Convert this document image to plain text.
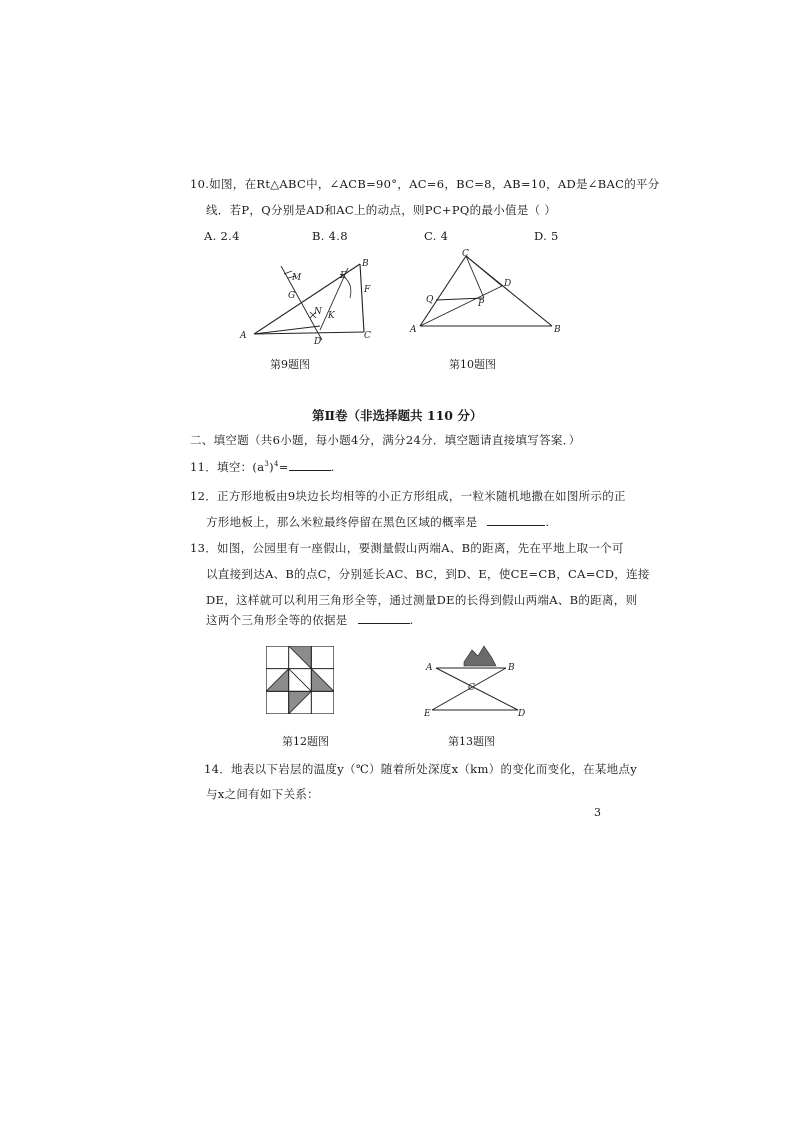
10.如图，在Rt△ABC中，∠ACB=90°，AC=6，BC=8，AB=10，AD是∠BAC的平分
线．若P，Q分别是AD和AC上的动点，则PC+PQ的最小值是（ ）
A. 2.4	B. 4.8	C. 4	D. 5
A
B
C
D
E
F
G
M
N K
第9题图
A	B
C
D
P
Q
第10题图
第Ⅱ卷（非选择题共 110 分）
二、填空题（共6小题，每小题4分，满分24分．填空题请直接填写答案．）
11．填空：$(a^3)^4=$	.
12．正方形地板由9块边长均相等的小正方形组成，一粒米随机地撒在如图所示的正
方形地板上，那么米粒最终停留在黑色区域的概率是	.
13．如图，公园里有一座假山，要测量假山两端A、B的距离，先在平地上取一个可
以直接到达A、B的点C，分别延长AC、BC，到D、E，使CE=CB，CA=CD，连接
DE，这样就可以利用三角形全等，通过测量DE的长得到假山两端A、B的距离，则
这两个三角形全等的依据是	.
第12题图
A	B
C
D
E
第13题图
14．地表以下岩层的温度y（℃）随着所处深度x（km）的变化而变化，在某地点y
与x之间有如下关系：
3
